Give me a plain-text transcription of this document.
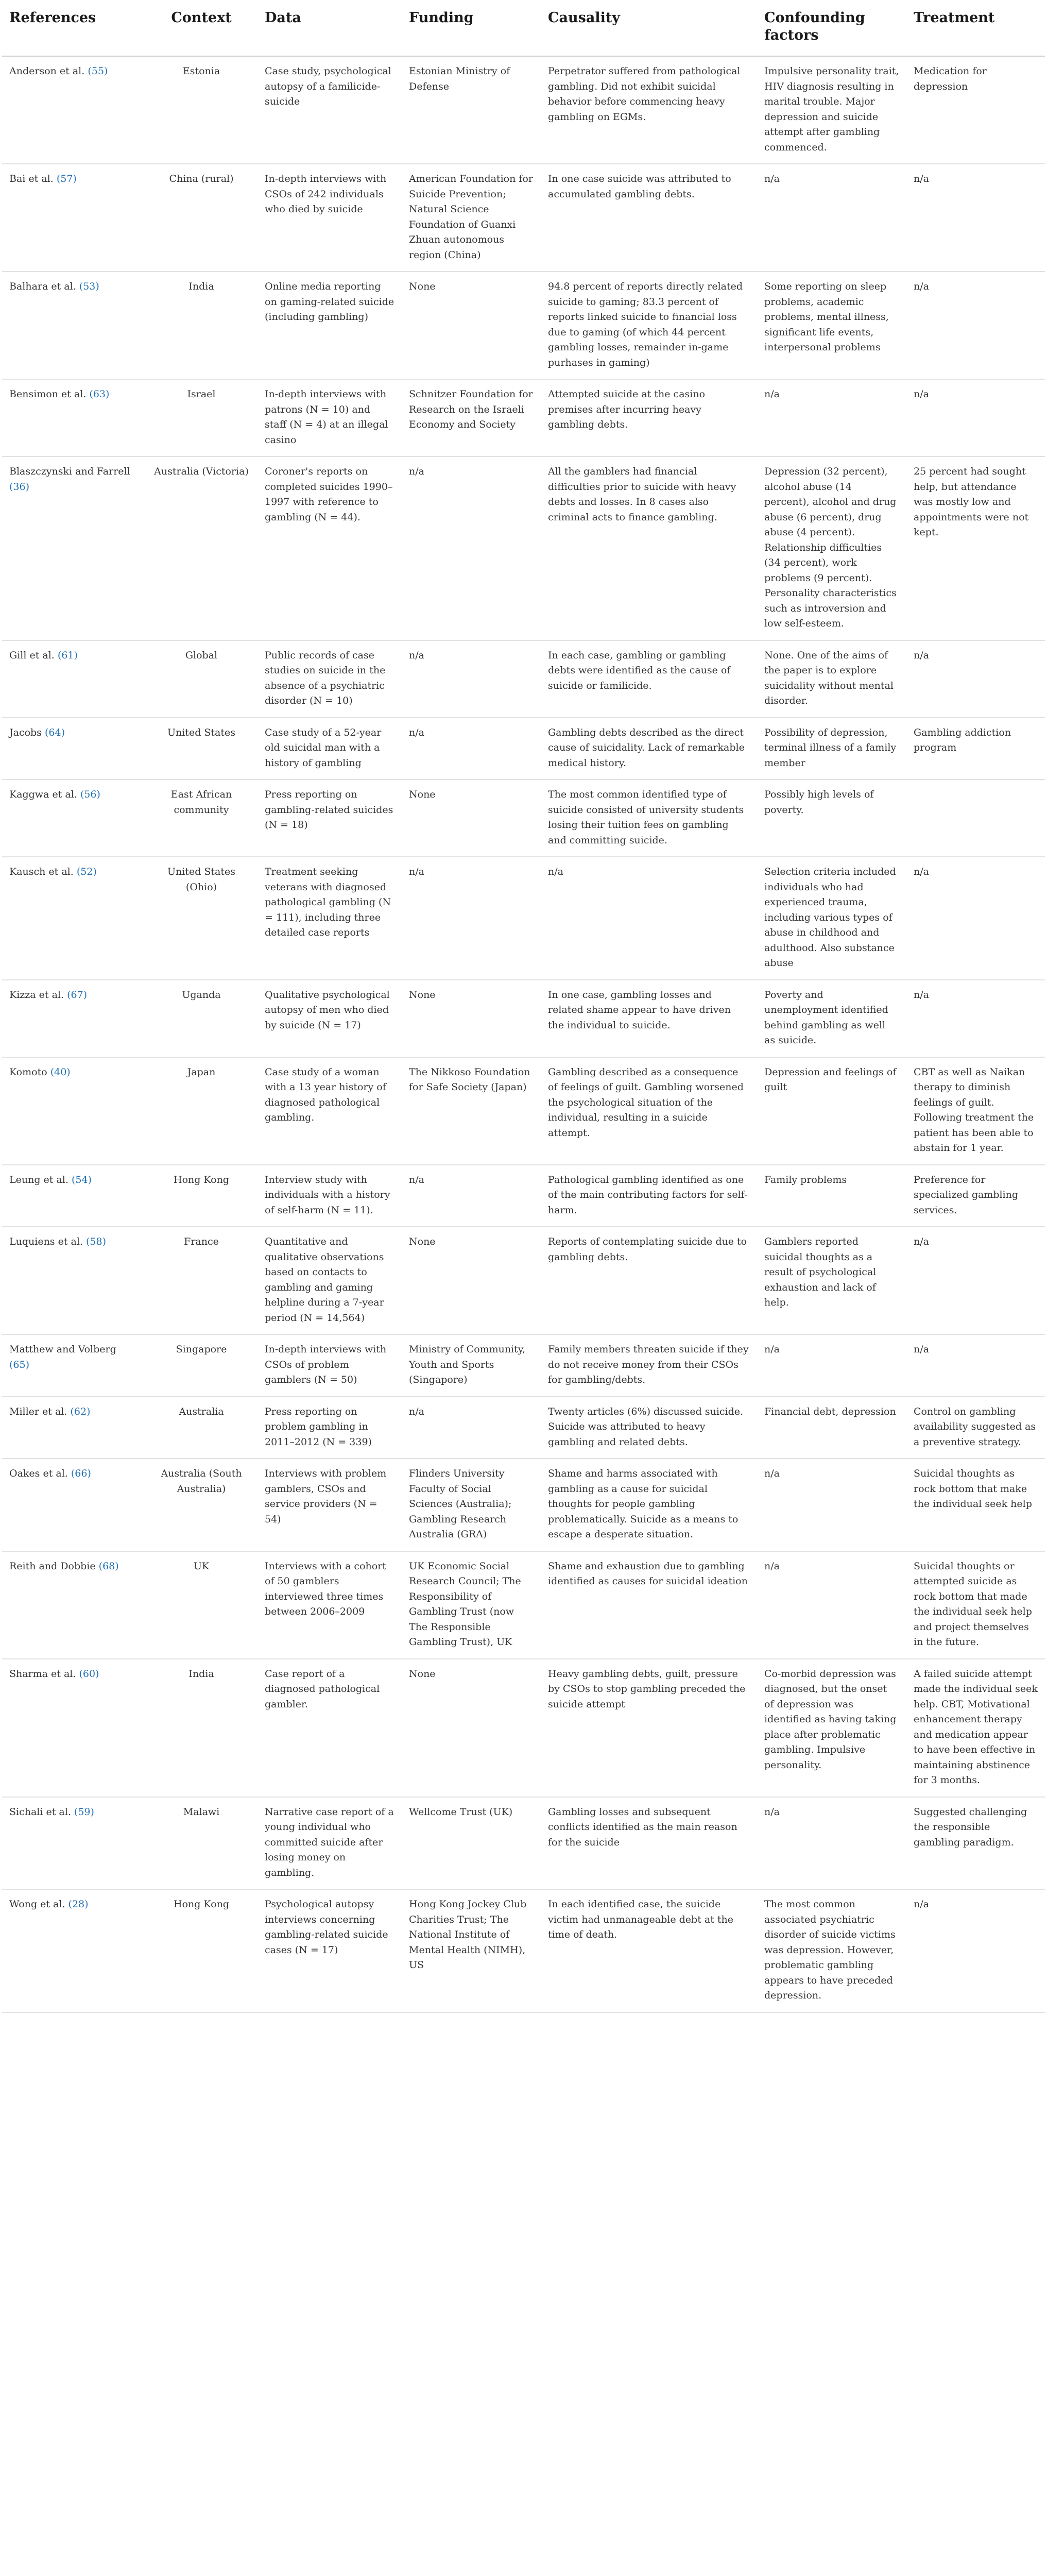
References	Context	Data	Funding	Causality	Confounding factors	Treatment
Anderson et al. (55)	Estonia	Case study, psychological autopsy of a familicide-suicide	Estonian Ministry of Defense	Perpetrator suffered from pathological gambling. Did not exhibit suicidal behavior before commencing heavy gambling on EGMs.	Impulsive personality trait, HIV diagnosis resulting in marital trouble. Major depression and suicide attempt after gambling commenced.	Medication for depression
Bai et al. (57)	China (rural)	In-depth interviews with CSOs of 242 individuals who died by suicide	American Foundation for Suicide Prevention; Natural Science Foundation of Guanxi Zhuan autonomous region (China)	In one case suicide was attributed to accumulated gambling debts.	n/a	n/a
Balhara et al. (53)	India	Online media reporting on gaming-related suicide (including gambling)	None	94.8 percent of reports directly related suicide to gaming; 83.3 percent of reports linked suicide to financial loss due to gaming (of which 44 percent gambling losses, remainder in-game purhases in gaming)	Some reporting on sleep problems, academic problems, mental illness, significant life events, interpersonal problems	n/a
Bensimon et al. (63)	Israel	In-depth interviews with patrons (N = 10) and staff (N = 4) at an illegal casino	Schnitzer Foundation for Research on the Israeli Economy and Society	Attempted suicide at the casino premises after incurring heavy gambling debts.	n/a	n/a
Blaszczynski and Farrell (36)	Australia (Victoria)	Coroner's reports on completed suicides 1990–1997 with reference to gambling (N = 44).	n/a	All the gamblers had financial difficulties prior to suicide with heavy debts and losses. In 8 cases also criminal acts to finance gambling.	Depression (32 percent), alcohol abuse (14 percent), alcohol and drug abuse (6 percent), drug abuse (4 percent). Relationship difficulties (34 percent), work problems (9 percent). Personality characteristics such as introversion and low self-esteem.	25 percent had sought help, but attendance was mostly low and appointments were not kept.
Gill et al. (61)	Global	Public records of case studies on suicide in the absence of a psychiatric disorder (N = 10)	n/a	In each case, gambling or gambling debts were identified as the cause of suicide or familicide.	None. One of the aims of the paper is to explore suicidality without mental disorder.	n/a
Jacobs (64)	United States	Case study of a 52-year old suicidal man with a history of gambling	n/a	Gambling debts described as the direct cause of suicidality. Lack of remarkable medical history.	Possibility of depression, terminal illness of a family member	Gambling addiction program
Kaggwa et al. (56)	East African community	Press reporting on gambling-related suicides (N = 18)	None	The most common identified type of suicide consisted of university students losing their tuition fees on gambling and committing suicide.	Possibly high levels of poverty.	
Kausch et al. (52)	United States (Ohio)	Treatment seeking veterans with diagnosed pathological gambling (N = 111), including three detailed case reports	n/a	n/a	Selection criteria included individuals who had experienced trauma, including various types of abuse in childhood and adulthood. Also substance abuse	n/a
Kizza et al. (67)	Uganda	Qualitative psychological autopsy of men who died by suicide (N = 17)	None	In one case, gambling losses and related shame appear to have driven the individual to suicide.	Poverty and unemployment identified behind gambling as well as suicide.	n/a
Komoto (40)	Japan	Case study of a woman with a 13 year history of diagnosed pathological gambling.	The Nikkoso Foundation for Safe Society (Japan)	Gambling described as a consequence of feelings of guilt. Gambling worsened the psychological situation of the individual, resulting in a suicide attempt.	Depression and feelings of guilt	CBT as well as Naikan therapy to diminish feelings of guilt. Following treatment the patient has been able to abstain for 1 year.
Leung et al. (54)	Hong Kong	Interview study with individuals with a history of self-harm (N = 11).	n/a	Pathological gambling identified as one of the main contributing factors for self-harm.	Family problems	Preference for specialized gambling services.
Luquiens et al. (58)	France	Quantitative and qualitative observations based on contacts to gambling and gaming helpline during a 7-year period (N = 14,564)	None	Reports of contemplating suicide due to gambling debts.	Gamblers reported suicidal thoughts as a result of psychological exhaustion and lack of help.	n/a
Matthew and Volberg (65)	Singapore	In-depth interviews with CSOs of problem gamblers (N = 50)	Ministry of Community, Youth and Sports (Singapore)	Family members threaten suicide if they do not receive money from their CSOs for gambling/debts.	n/a	n/a
Miller et al. (62)	Australia	Press reporting on problem gambling in 2011–2012 (N = 339)	n/a	Twenty articles (6%) discussed suicide. Suicide was attributed to heavy gambling and related debts.	Financial debt, depression	Control on gambling availability suggested as a preventive strategy.
Oakes et al. (66)	Australia (South Australia)	Interviews with problem gamblers, CSOs and service providers (N = 54)	Flinders University Faculty of Social Sciences (Australia); Gambling Research Australia (GRA)	Shame and harms associated with gambling as a cause for suicidal thoughts for people gambling problematically. Suicide as a means to escape a desperate situation.	n/a	Suicidal thoughts as rock bottom that make the individual seek help
Reith and Dobbie (68)	UK	Interviews with a cohort of 50 gamblers interviewed three times between 2006–2009	UK Economic Social Research Council; The Responsibility of Gambling Trust (now The Responsible Gambling Trust), UK	Shame and exhaustion due to gambling identified as causes for suicidal ideation	n/a	Suicidal thoughts or attempted suicide as rock bottom that made the individual seek help and project themselves in the future.
Sharma et al. (60)	India	Case report of a diagnosed pathological gambler.	None	Heavy gambling debts, guilt, pressure by CSOs to stop gambling preceded the suicide attempt	Co-morbid depression was diagnosed, but the onset of depression was identified as having taking place after problematic gambling. Impulsive personality.	A failed suicide attempt made the individual seek help. CBT, Motivational enhancement therapy and medication appear to have been effective in maintaining abstinence for 3 months.
Sichali et al. (59)	Malawi	Narrative case report of a young individual who committed suicide after losing money on gambling.	Wellcome Trust (UK)	Gambling losses and subsequent conflicts identified as the main reason for the suicide	n/a	Suggested challenging the responsible gambling paradigm.
Wong et al. (28)	Hong Kong	Psychological autopsy interviews concerning gambling-related suicide cases (N = 17)	Hong Kong Jockey Club Charities Trust; The National Institute of Mental Health (NIMH), US	In each identified case, the suicide victim had unmanageable debt at the time of death.	The most common associated psychiatric disorder of suicide victims was depression. However, problematic gambling appears to have preceded depression.	n/a
